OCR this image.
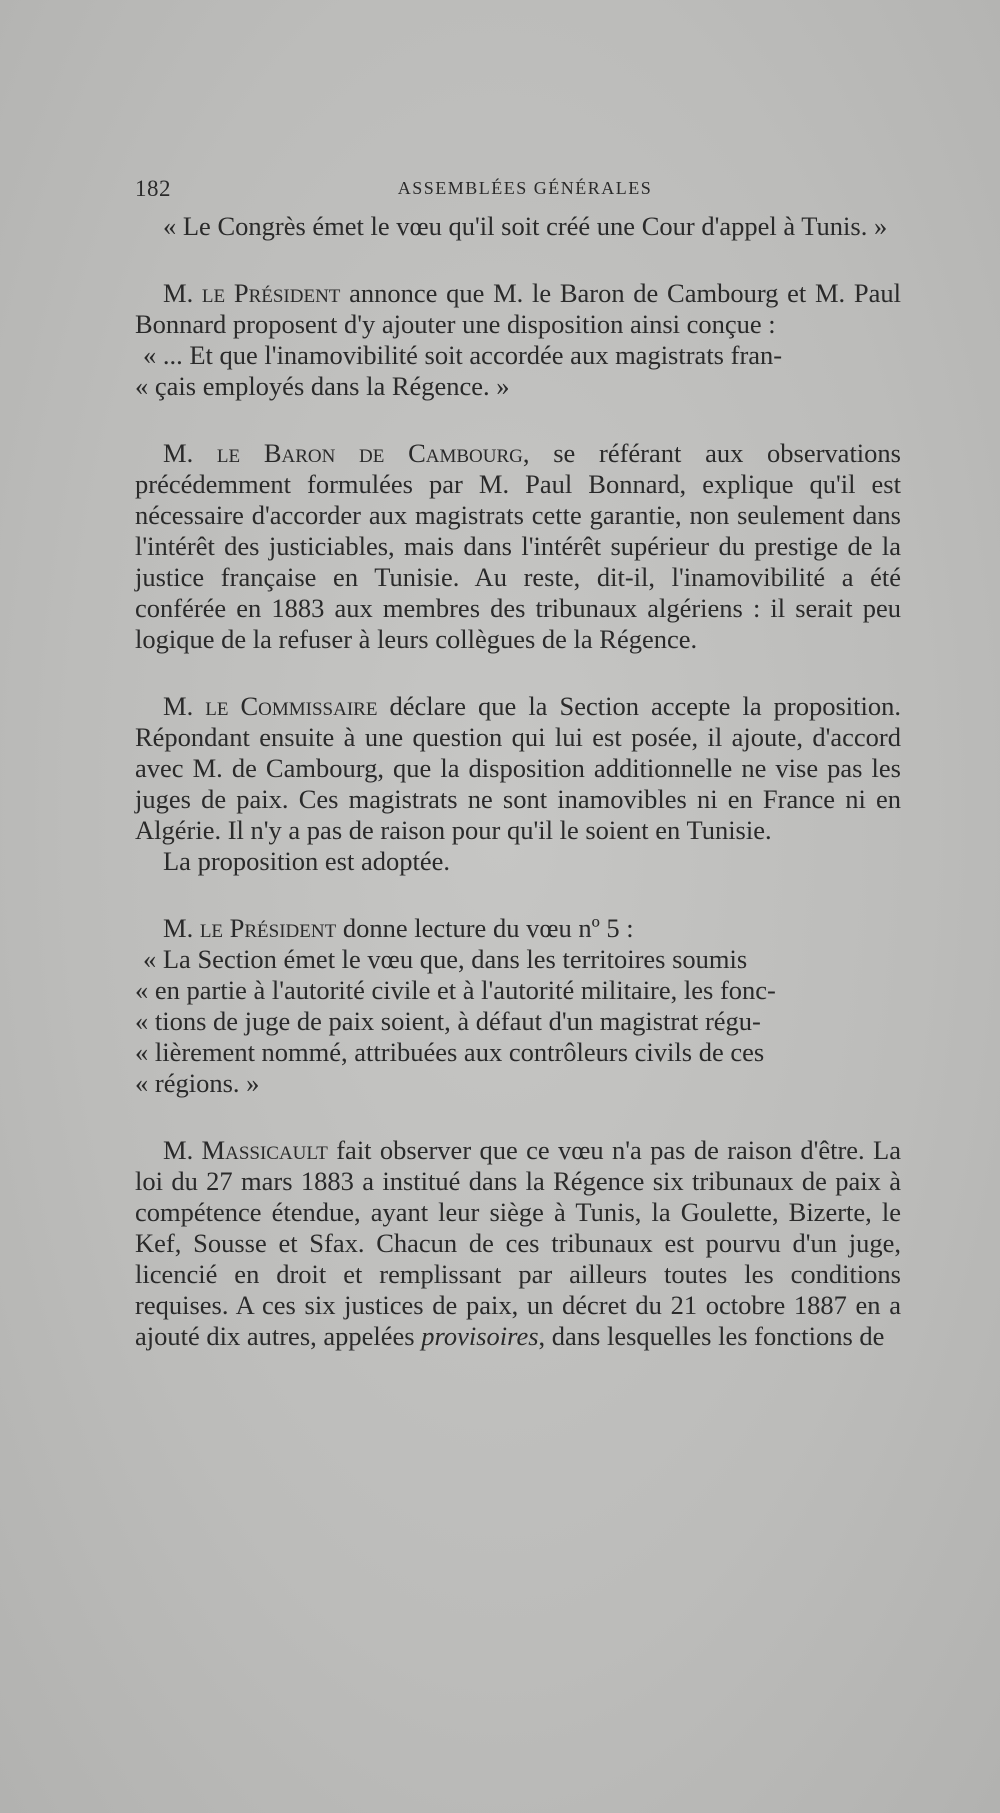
182	ASSEMBLÉES GÉNÉRALES

« Le Congrès émet le vœu qu'il soit créé une Cour d'appel à Tunis. »

M. le Président annonce que M. le Baron de Cambourg et M. Paul Bonnard proposent d'y ajouter une disposition ainsi conçue :

« ... Et que l'inamovibilité soit accordée aux magistrats fran-
« çais employés dans la Régence. »

M. le Baron de Cambourg, se référant aux observations précédemment formulées par M. Paul Bonnard, explique qu'il est nécessaire d'accorder aux magistrats cette garantie, non seulement dans l'intérêt des justiciables, mais dans l'intérêt supérieur du prestige de la justice française en Tunisie. Au reste, dit-il, l'inamovibilité a été conférée en 1883 aux membres des tribunaux algériens : il serait peu logique de la refuser à leurs collègues de la Régence.

M. le Commissaire déclare que la Section accepte la proposition. Répondant ensuite à une question qui lui est posée, il ajoute, d'accord avec M. de Cambourg, que la disposition additionnelle ne vise pas les juges de paix. Ces magistrats ne sont inamovibles ni en France ni en Algérie. Il n'y a pas de raison pour qu'il le soient en Tunisie.

La proposition est adoptée.

M. le Président donne lecture du vœu nº 5 :

« La Section émet le vœu que, dans les territoires soumis
« en partie à l'autorité civile et à l'autorité militaire, les fonc-
« tions de juge de paix soient, à défaut d'un magistrat régu-
« lièrement nommé, attribuées aux contrôleurs civils de ces
« régions. »

M. Massicault fait observer que ce vœu n'a pas de raison d'être. La loi du 27 mars 1883 a institué dans la Régence six tribunaux de paix à compétence étendue, ayant leur siège à Tunis, la Goulette, Bizerte, le Kef, Sousse et Sfax. Chacun de ces tribunaux est pourvu d'un juge, licencié en droit et remplissant par ailleurs toutes les conditions requises. A ces six justices de paix, un décret du 21 octobre 1887 en a ajouté dix autres, appelées provisoires, dans lesquelles les fonctions de
